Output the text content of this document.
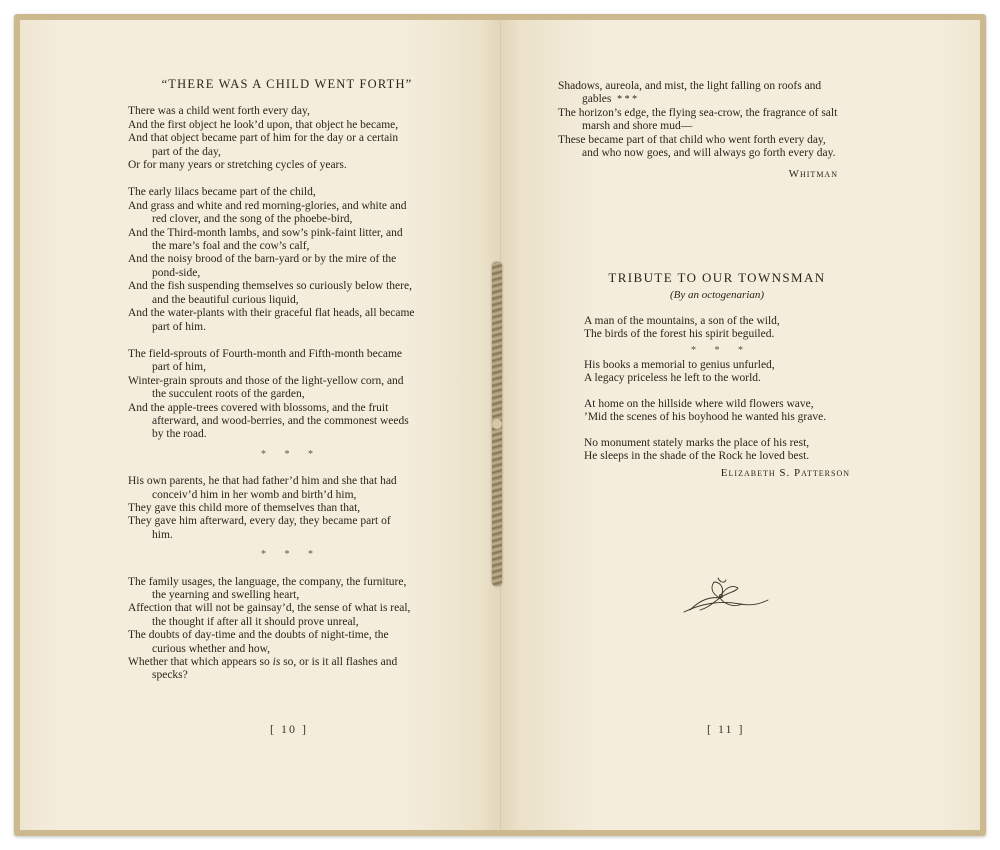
“THERE WAS A CHILD WENT FORTH”
There was a child went forth every day,
And the first object he look’d upon, that object he became,
And that object became part of him for the day or a certain
part of the day,
Or for many years or stretching cycles of years.
The early lilacs became part of the child,
And grass and white and red morning-glories, and white and
red clover, and the song of the phoebe-bird,
And the Third-month lambs, and sow’s pink-faint litter, and
the mare’s foal and the cow’s calf,
And the noisy brood of the barn-yard or by the mire of the
pond-side,
And the fish suspending themselves so curiously below there,
and the beautiful curious liquid,
And the water-plants with their graceful flat heads, all became
part of him.
The field-sprouts of Fourth-month and Fifth-month became
part of him,
Winter-grain sprouts and those of the light-yellow corn, and
the succulent roots of the garden,
And the apple-trees covered with blossoms, and the fruit
afterward, and wood-berries, and the commonest weeds
by the road.
* * *
His own parents, he that had father’d him and she that had
conceiv’d him in her womb and birth’d him,
They gave this child more of themselves than that,
They gave him afterward, every day, they became part of
him.
* * *
The family usages, the language, the company, the furniture,
the yearning and swelling heart,
Affection that will not be gainsay’d, the sense of what is real,
the thought if after all it should prove unreal,
The doubts of day-time and the doubts of night-time, the
curious whether and how,
Whether that which appears so is so, or is it all flashes and
specks?
[ 10 ]
Shadows, aureola, and mist, the light falling on roofs and
gables * * *
The horizon’s edge, the flying sea-crow, the fragrance of salt
marsh and shore mud—
These became part of that child who went forth every day,
and who now goes, and will always go forth every day.
Whitman
TRIBUTE TO OUR TOWNSMAN
(By an octogenarian)
A man of the mountains, a son of the wild,
The birds of the forest his spirit beguiled.
* * *
His books a memorial to genius unfurled,
A legacy priceless he left to the world.
At home on the hillside where wild flowers wave,
’Mid the scenes of his boyhood he wanted his grave.
No monument stately marks the place of his rest,
He sleeps in the shade of the Rock he loved best.
Elizabeth S. Patterson
[ 11 ]
